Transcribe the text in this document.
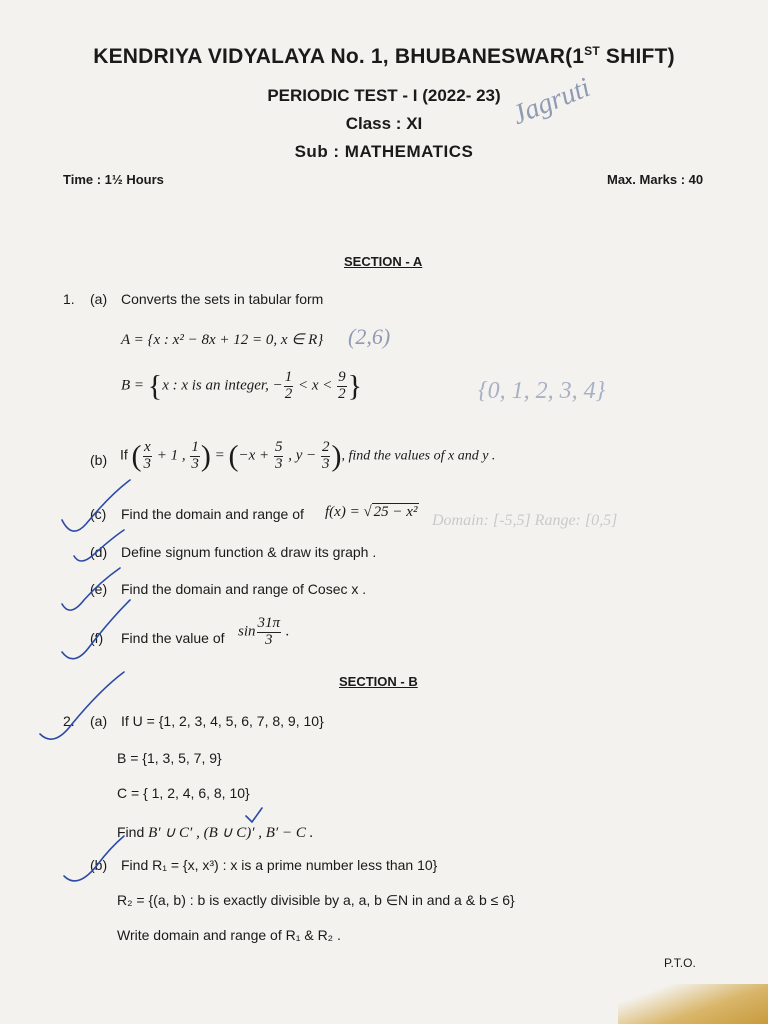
KENDRIYA VIDYALAYA No. 1, BHUBANESWAR(1ST SHIFT)
PERIODIC TEST - I (2022- 23)
Class : XI
Sub : MATHEMATICS
Time : 1½ Hours	Max. Marks : 40
Jagruti
SECTION - A
1. (a) Converts the sets in tabular form
A = {x : x² − 8x + 12 = 0, x ∈ R} (2,6)
B = {x : x is an integer, − $\frac{1}{2} < x < \frac{9}{2}$ }	{0, 1, 2, 3, 4}
(b) If ( $\frac{x}{3} + 1$ , $\frac{1}{3}$ ) = ($-x + \frac{5}{3}$ , $y - \frac{2}{3}$ ), find the values of x and y .
(c) Find the domain and range of f(x) = √ 25 − x² Domain: [-5,5] Range: [0,5]
(d) Define signum function & draw its graph .
(e) Find the domain and range of Cosec x .
(f) Find the value of $\sin \frac{31\pi}{3}$ .
SECTION - B
2. (a) If U = {1, 2, 3, 4, 5, 6, 7, 8, 9, 10}
B = {1, 3, 5, 7, 9}
C = { 1, 2, 4, 6, 8, 10}
Find B′ ∪ C′ , (B ∪ C)′ , B′ − C .
(b) Find R₁ = {x, x³) : x is a prime number less than 10}
R₂ = {(a, b) : b is exactly divisible by a, a, b ∈N in and a & b ≤ 6}
Write domain and range of R₁ & R₂ .
P.T.O.
